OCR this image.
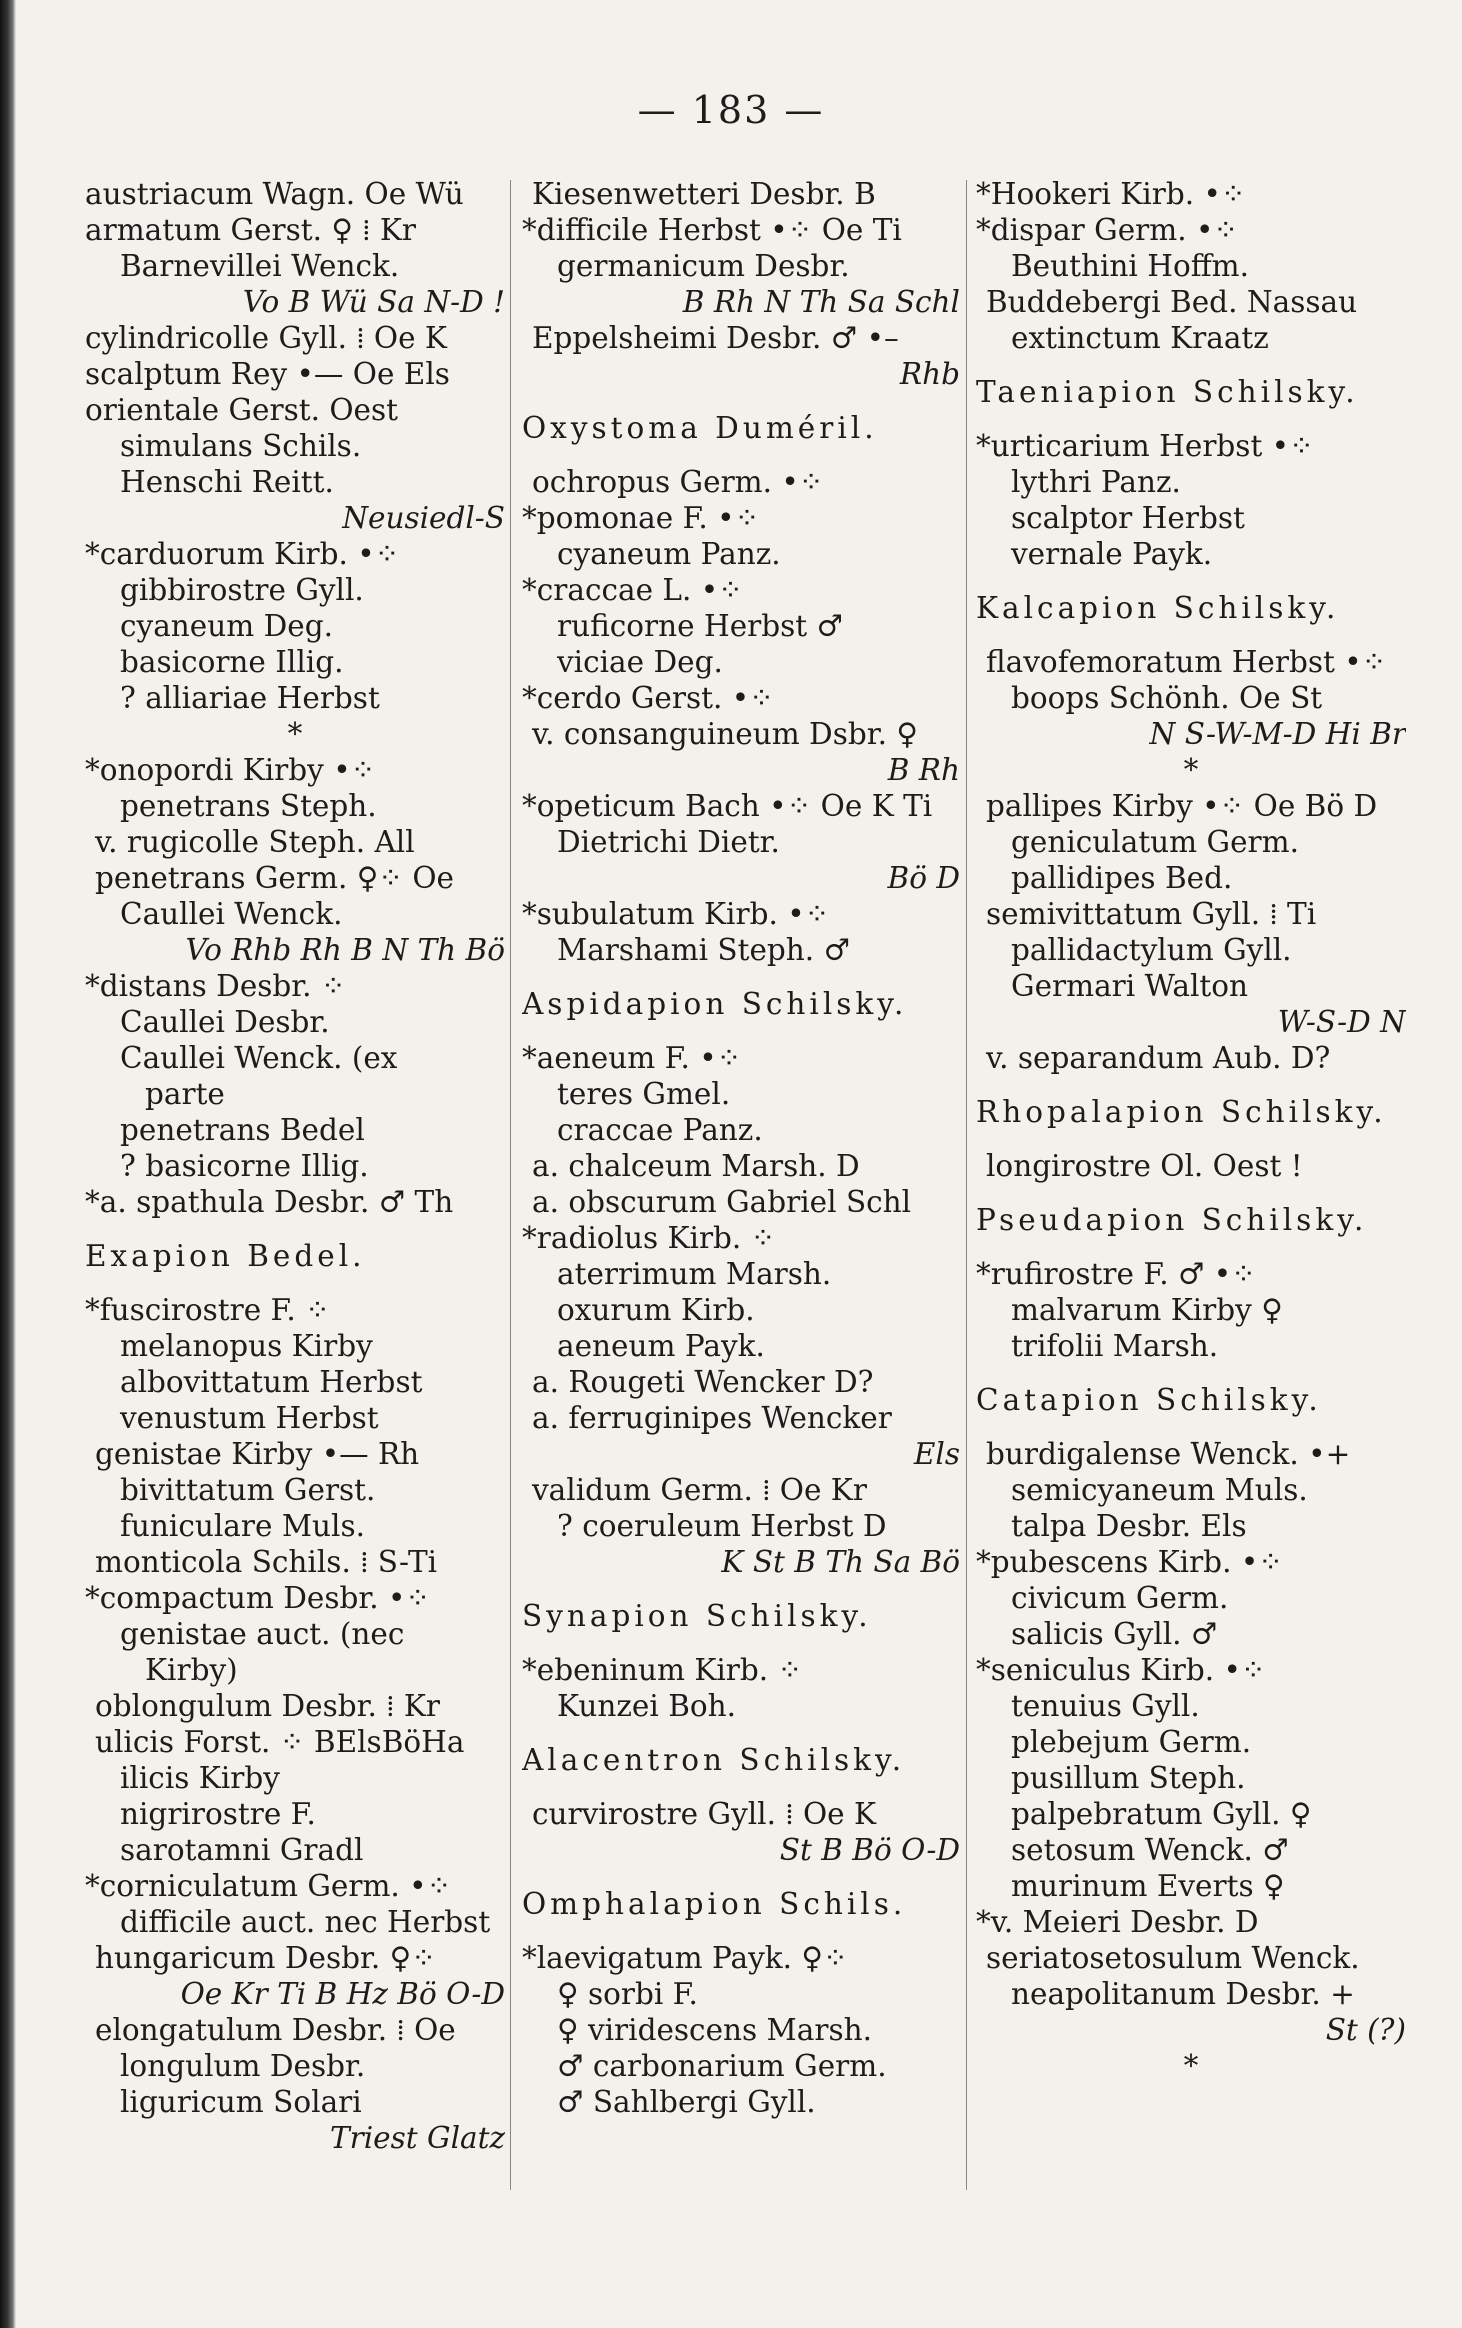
— 183 —
austriacum Wagn. Oe Wü
armatum Gerst. ♀ ⁞ Kr
Barnevillei Wenck.
Vo B Wü Sa N-D !
cylindricolle Gyll. ⁞ Oe K
scalptum Rey •— Oe Els
orientale Gerst. Oest
simulans Schils.
Henschi Reitt.
Neusiedl-S
*carduorum Kirb. •⁘
gibbirostre Gyll.
cyaneum Deg.
basicorne Illig.
? alliariae Herbst
*
*onopordi Kirby •⁘
penetrans Steph.
v. rugicolle Steph. All
penetrans Germ. ♀⁘ Oe
Caullei Wenck.
Vo Rhb Rh B N Th Bö
*distans Desbr. ⁘
Caullei Desbr.
Caullei Wenck. (ex
parte
penetrans Bedel
? basicorne Illig.
*a. spathula Desbr. ♂ Th
Exapion Bedel.
*fuscirostre F. ⁘
melanopus Kirby
albovittatum Herbst
venustum Herbst
genistae Kirby •— Rh
bivittatum Gerst.
funiculare Muls.
monticola Schils. ⁞ S-Ti
*compactum Desbr. •⁘
genistae auct. (nec
Kirby)
oblongulum Desbr. ⁞ Kr
ulicis Forst. ⁘ BElsBöHa
ilicis Kirby
nigrirostre F.
sarotamni Gradl
*corniculatum Germ. •⁘
difficile auct. nec Herbst
hungaricum Desbr. ♀⁘
Oe Kr Ti B Hz Bö O-D
elongatulum Desbr. ⁞ Oe
longulum Desbr.
liguricum Solari
Triest Glatz
Kiesenwetteri Desbr. B
*difficile Herbst •⁘ Oe Ti
germanicum Desbr.
B Rh N Th Sa Schl
Eppelsheimi Desbr. ♂ •–
Rhb
Oxystoma Duméril.
ochropus Germ. •⁘
*pomonae F. •⁘
cyaneum Panz.
*craccae L. •⁘
ruficorne Herbst ♂
viciae Deg.
*cerdo Gerst. •⁘
v. consanguineum Dsbr. ♀
B Rh
*opeticum Bach •⁘ Oe K Ti
Dietrichi Dietr.
Bö D
*subulatum Kirb. •⁘
Marshami Steph. ♂
Aspidapion Schilsky.
*aeneum F. •⁘
teres Gmel.
craccae Panz.
a. chalceum Marsh. D
a. obscurum Gabriel Schl
*radiolus Kirb. ⁘
aterrimum Marsh.
oxurum Kirb.
aeneum Payk.
a. Rougeti Wencker D?
a. ferruginipes Wencker
Els
validum Germ. ⁞ Oe Kr
? coeruleum Herbst D
K St B Th Sa Bö
Synapion Schilsky.
*ebeninum Kirb. ⁘
Kunzei Boh.
Alacentron Schilsky.
curvirostre Gyll. ⁞ Oe K
St B Bö O-D
Omphalapion Schils.
*laevigatum Payk. ♀⁘
♀ sorbi F.
♀ viridescens Marsh.
♂ carbonarium Germ.
♂ Sahlbergi Gyll.
*Hookeri Kirb. •⁘
*dispar Germ. •⁘
Beuthini Hoffm.
Buddebergi Bed. Nassau
extinctum Kraatz
Taeniapion Schilsky.
*urticarium Herbst •⁘
lythri Panz.
scalptor Herbst
vernale Payk.
Kalcapion Schilsky.
flavofemoratum Herbst •⁘
boops Schönh. Oe St
N S-W-M-D Hi Br
*
pallipes Kirby •⁘ Oe Bö D
geniculatum Germ.
pallidipes Bed.
semivittatum Gyll. ⁞ Ti
pallidactylum Gyll.
Germari Walton
W-S-D N
v. separandum Aub. D?
Rhopalapion Schilsky.
longirostre Ol. Oest !
Pseudapion Schilsky.
*rufirostre F. ♂ •⁘
malvarum Kirby ♀
trifolii Marsh.
Catapion Schilsky.
burdigalense Wenck. •+
semicyaneum Muls.
talpa Desbr. Els
*pubescens Kirb. •⁘
civicum Germ.
salicis Gyll. ♂
*seniculus Kirb. •⁘
tenuius Gyll.
plebejum Germ.
pusillum Steph.
palpebratum Gyll. ♀
setosum Wenck. ♂
murinum Everts ♀
*v. Meieri Desbr. D
seriatosetosulum Wenck.
neapolitanum Desbr. +
St (?)
*
